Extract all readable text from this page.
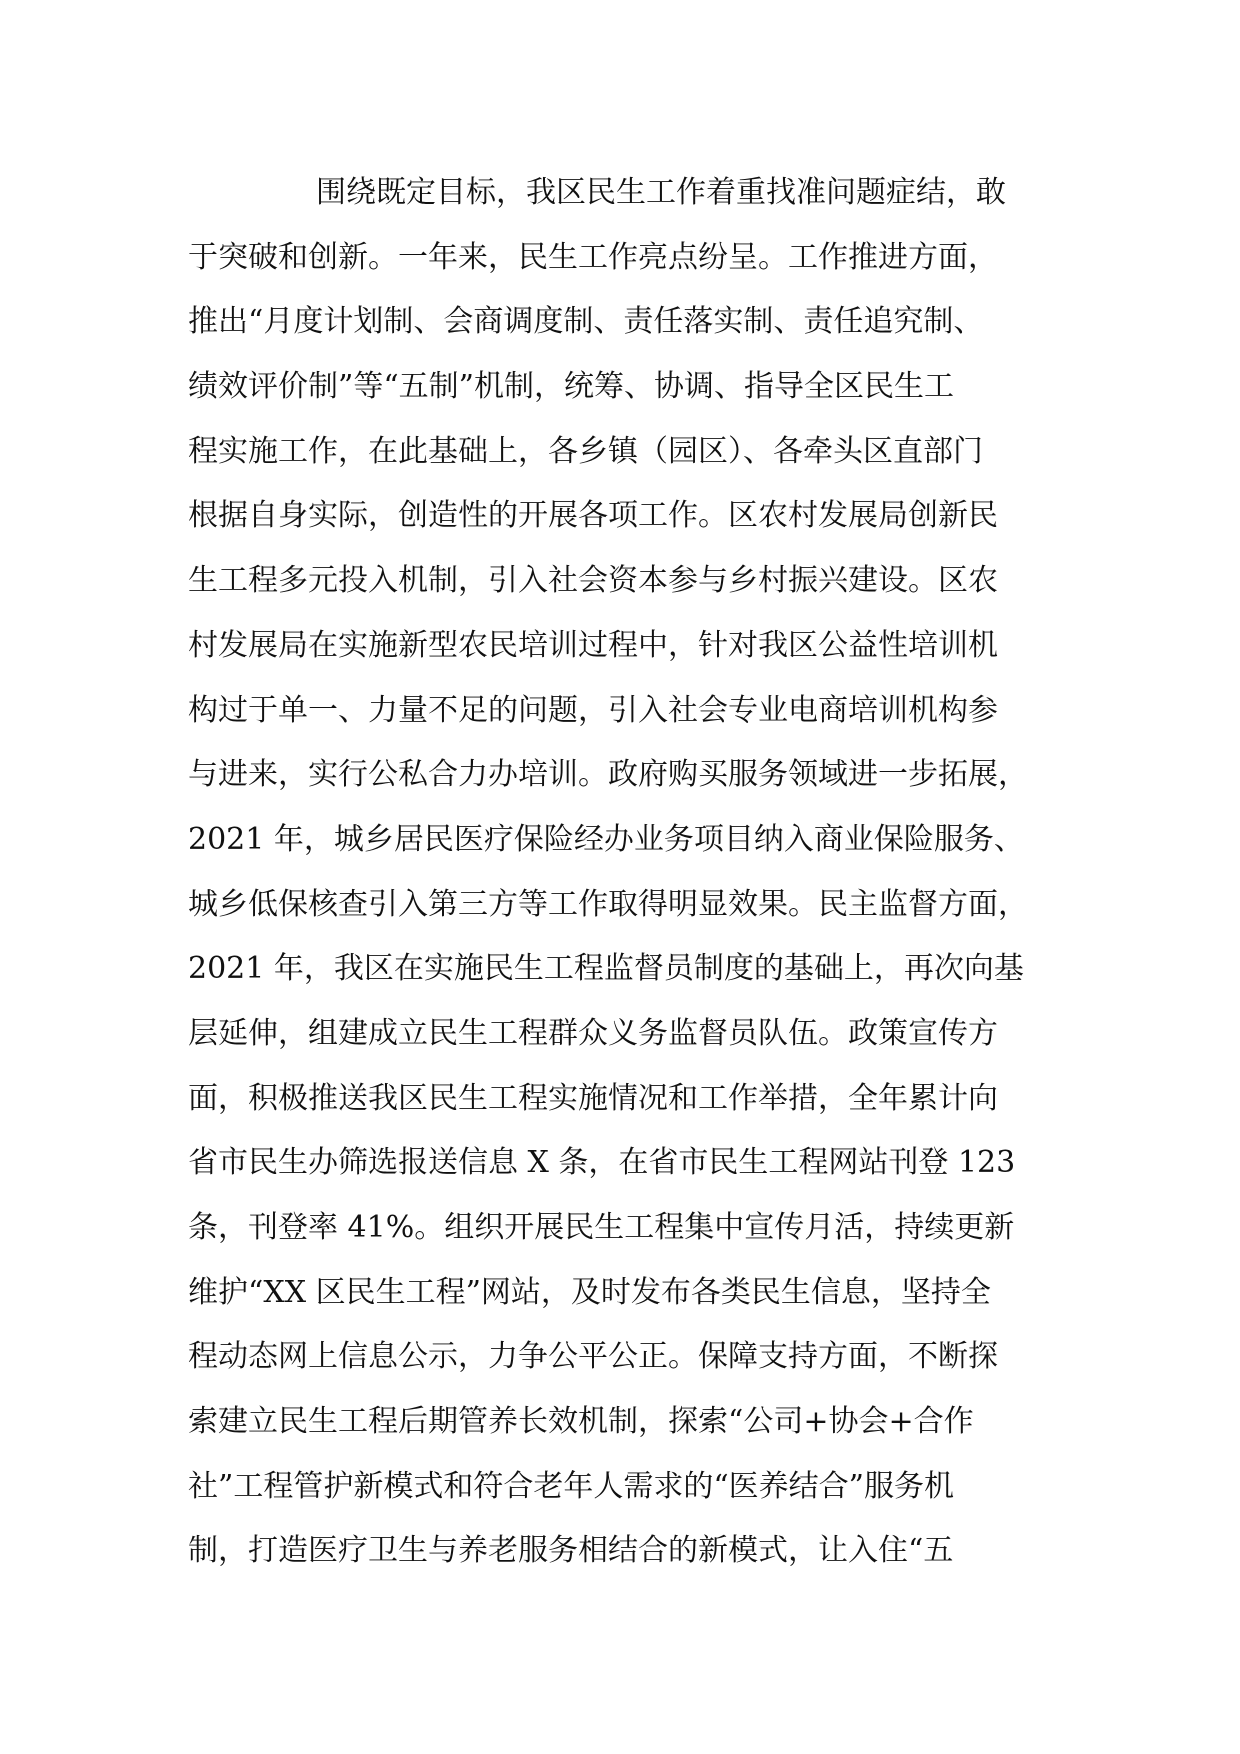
围绕既定目标，我区民生工作着重找准问题症结，敢
于突破和创新。一年来，民生工作亮点纷呈。工作推进方面，
推出“月度计划制、会商调度制、责任落实制、责任追究制、
绩效评价制”等“五制”机制，统筹、协调、指导全区民生工
程实施工作，在此基础上，各乡镇（园区）、各牵头区直部门
根据自身实际，创造性的开展各项工作。区农村发展局创新民
生工程多元投入机制，引入社会资本参与乡村振兴建设。区农
村发展局在实施新型农民培训过程中，针对我区公益性培训机
构过于单一、力量不足的问题，引入社会专业电商培训机构参
与进来，实行公私合力办培训。政府购买服务领域进一步拓展，
2021 年，城乡居民医疗保险经办业务项目纳入商业保险服务、
城乡低保核查引入第三方等工作取得明显效果。民主监督方面，
2021 年，我区在实施民生工程监督员制度的基础上，再次向基
层延伸，组建成立民生工程群众义务监督员队伍。政策宣传方
面，积极推送我区民生工程实施情况和工作举措，全年累计向
省市民生办筛选报送信息 X 条，在省市民生工程网站刊登 123
条，刊登率 41%。组织开展民生工程集中宣传月活，持续更新
维护“XX 区民生工程”网站，及时发布各类民生信息，坚持全
程动态网上信息公示，力争公平公正。保障支持方面，不断探
索建立民生工程后期管养长效机制，探索“公司+协会+合作
社”工程管护新模式和符合老年人需求的“医养结合”服务机
制，打造医疗卫生与养老服务相结合的新模式，让入住“五
